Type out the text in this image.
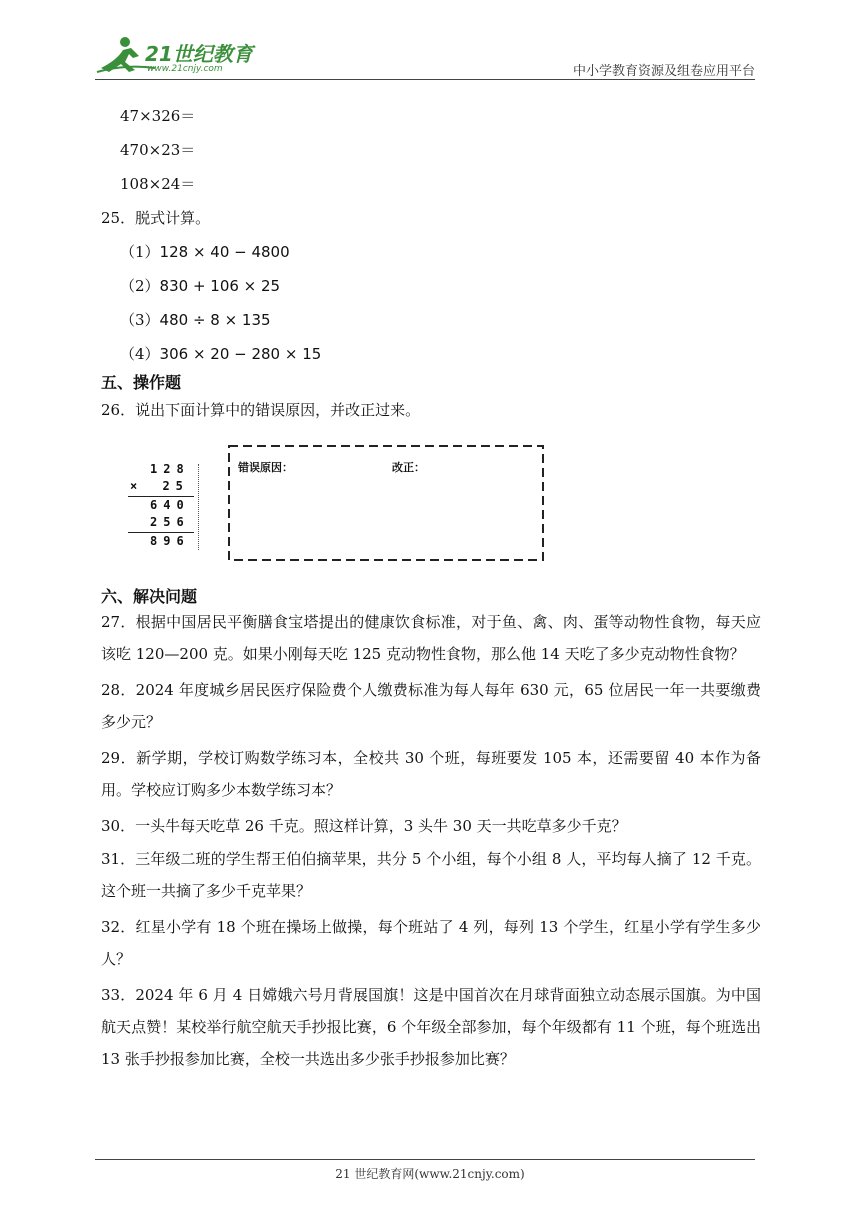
21世纪教育
www.21cnjy.com	中小学教育资源及组卷应用平台
47×326＝
470×23＝
108×24＝
25．脱式计算。
（1）128 × 40 − 4800
（2）830 + 106 × 25
（3）480 ÷ 8 × 135
（4）306 × 20 − 280 × 15
五、操作题
26．说出下面计算中的错误原因，并改正过来。
128
× 25
640
256
896
错误原因：	改正：
六、解决问题
27．根据中国居民平衡膳食宝塔提出的健康饮食标准，对于鱼、禽、肉、蛋等动物性食物，每天应该吃 120—200 克。如果小刚每天吃 125 克动物性食物，那么他 14 天吃了多少克动物性食物？
28．2024 年度城乡居民医疗保险费个人缴费标准为每人每年 630 元，65 位居民一年一共要缴费多少元？
29．新学期，学校订购数学练习本，全校共 30 个班，每班要发 105 本，还需要留 40 本作为备用。学校应订购多少本数学练习本？
30．一头牛每天吃草 26 千克。照这样计算，3 头牛 30 天一共吃草多少千克？
31．三年级二班的学生帮王伯伯摘苹果，共分 5 个小组，每个小组 8 人，平均每人摘了 12 千克。这个班一共摘了多少千克苹果？
32．红星小学有 18 个班在操场上做操，每个班站了 4 列，每列 13 个学生，红星小学有学生多少人？
33．2024 年 6 月 4 日嫦娥六号月背展国旗！这是中国首次在月球背面独立动态展示国旗。为中国航天点赞！某校举行航空航天手抄报比赛，6 个年级全部参加，每个年级都有 11 个班，每个班选出 13 张手抄报参加比赛，全校一共选出多少张手抄报参加比赛？
21 世纪教育网(www.21cnjy.com)
